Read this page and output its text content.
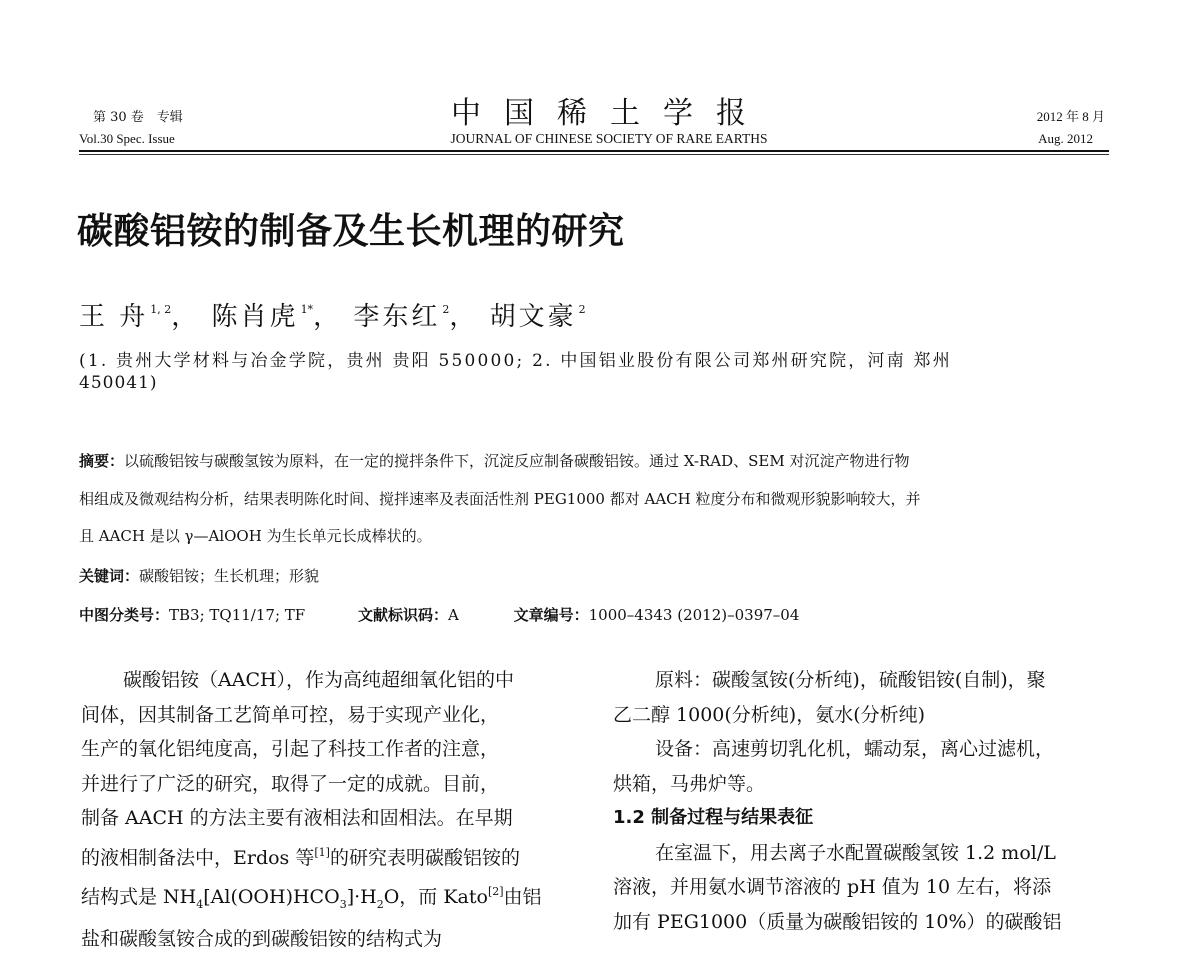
第 30 卷　专辑
Vol.30 Spec. Issue
中国稀土学报
JOURNAL OF CHINESE SOCIETY OF RARE EARTHS
2012 年 8 月
Aug. 2012
碳酸铝铵的制备及生长机理的研究
王 舟 $^{1, 2}$， 陈肖虎 $^{1*}$， 李东红 $^2$， 胡文豪 $^2$
(1. 贵州大学材料与冶金学院，贵州 贵阳 550000; 2. 中国铝业股份有限公司郑州研究院，河南 郑州
450041)
摘要：以硫酸铝铵与碳酸氢铵为原料，在一定的搅拌条件下，沉淀反应制备碳酸铝铵。通过 X-RAD、SEM 对沉淀产物进行物
相组成及微观结构分析，结果表明陈化时间、搅拌速率及表面活性剂 PEG1000 都对 AACH 粒度分布和微观形貌影响较大，并
且 AACH 是以 γ—AlOOH 为生长单元长成棒状的。
关键词：碳酸铝铵；生长机理；形貌
中图分类号：TB3; TQ11/17; TF	文献标识码：A	文章编号：1000–4343 (2012)–0397–04
碳酸铝铵（AACH），作为高纯超细氧化铝的中
间体，因其制备工艺简单可控，易于实现产业化，
生产的氧化铝纯度高，引起了科技工作者的注意，
并进行了广泛的研究，取得了一定的成就。目前，
制备 AACH 的方法主要有液相法和固相法。在早期
的液相制备法中，Erdos 等[1]的研究表明碳酸铝铵的
结构式是 $NH_4[Al(OOH)HCO_3]\cdot H_2O$，而 Kato[2]由铝
盐和碳酸氢铵合成的到碳酸铝铵的结构式为
原料：碳酸氢铵(分析纯)，硫酸铝铵(自制)，聚
乙二醇 1000(分析纯)，氨水(分析纯)
设备：高速剪切乳化机，蠕动泵，离心过滤机，
烘箱，马弗炉等。
1.2 制备过程与结果表征
在室温下，用去离子水配置碳酸氢铵 1.2 mol/L
溶液，并用氨水调节溶液的 pH 值为 10 左右，将添
加有 PEG1000（质量为碳酸铝铵的 10%）的碳酸铝
